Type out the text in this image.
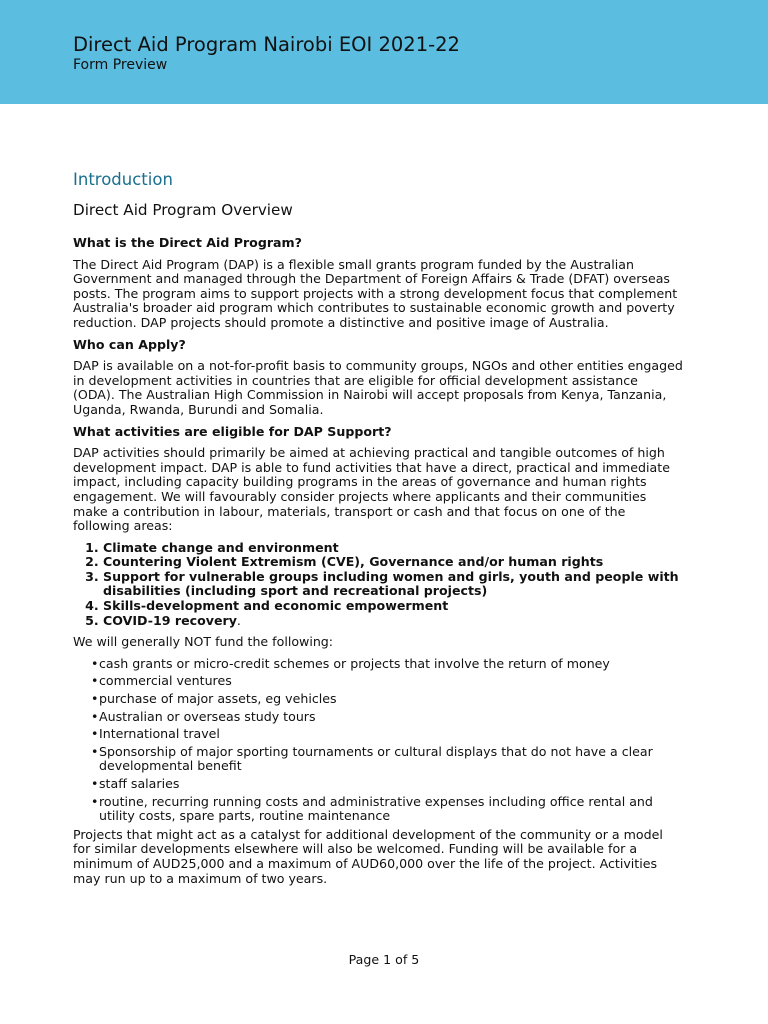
Direct Aid Program Nairobi EOI 2021-22
Form Preview
Introduction
Direct Aid Program Overview
What is the Direct Aid Program?
The Direct Aid Program (DAP) is a flexible small grants program funded by the Australian Government and managed through the Department of Foreign Affairs & Trade (DFAT) overseas posts. The program aims to support projects with a strong development focus that complement Australia's broader aid program which contributes to sustainable economic growth and poverty reduction. DAP projects should promote a distinctive and positive image of Australia.
Who can Apply?
DAP is available on a not-for-profit basis to community groups, NGOs and other entities engaged in development activities in countries that are eligible for official development assistance (ODA). The Australian High Commission in Nairobi will accept proposals from Kenya, Tanzania, Uganda, Rwanda, Burundi and Somalia.
What activities are eligible for DAP Support?
DAP activities should primarily be aimed at achieving practical and tangible outcomes of high development impact. DAP is able to fund activities that have a direct, practical and immediate impact, including capacity building programs in the areas of governance and human rights engagement. We will favourably consider projects where applicants and their communities make a contribution in labour, materials, transport or cash and that focus on one of the following areas:
1. Climate change and environment
2. Countering Violent Extremism (CVE), Governance and/or human rights
3. Support for vulnerable groups including women and girls, youth and people with disabilities (including sport and recreational projects)
4. Skills-development and economic empowerment
5. COVID-19 recovery.
We will generally NOT fund the following:
• cash grants or micro-credit schemes or projects that involve the return of money
• commercial ventures
• purchase of major assets, eg vehicles
• Australian or overseas study tours
• International travel
• Sponsorship of major sporting tournaments or cultural displays that do not have a clear developmental benefit
• staff salaries
• routine, recurring running costs and administrative expenses including office rental and utility costs, spare parts, routine maintenance
Projects that might act as a catalyst for additional development of the community or a model for similar developments elsewhere will also be welcomed. Funding will be available for a minimum of AUD25,000 and a maximum of AUD60,000 over the life of the project. Activities may run up to a maximum of two years.
Page 1 of 5
